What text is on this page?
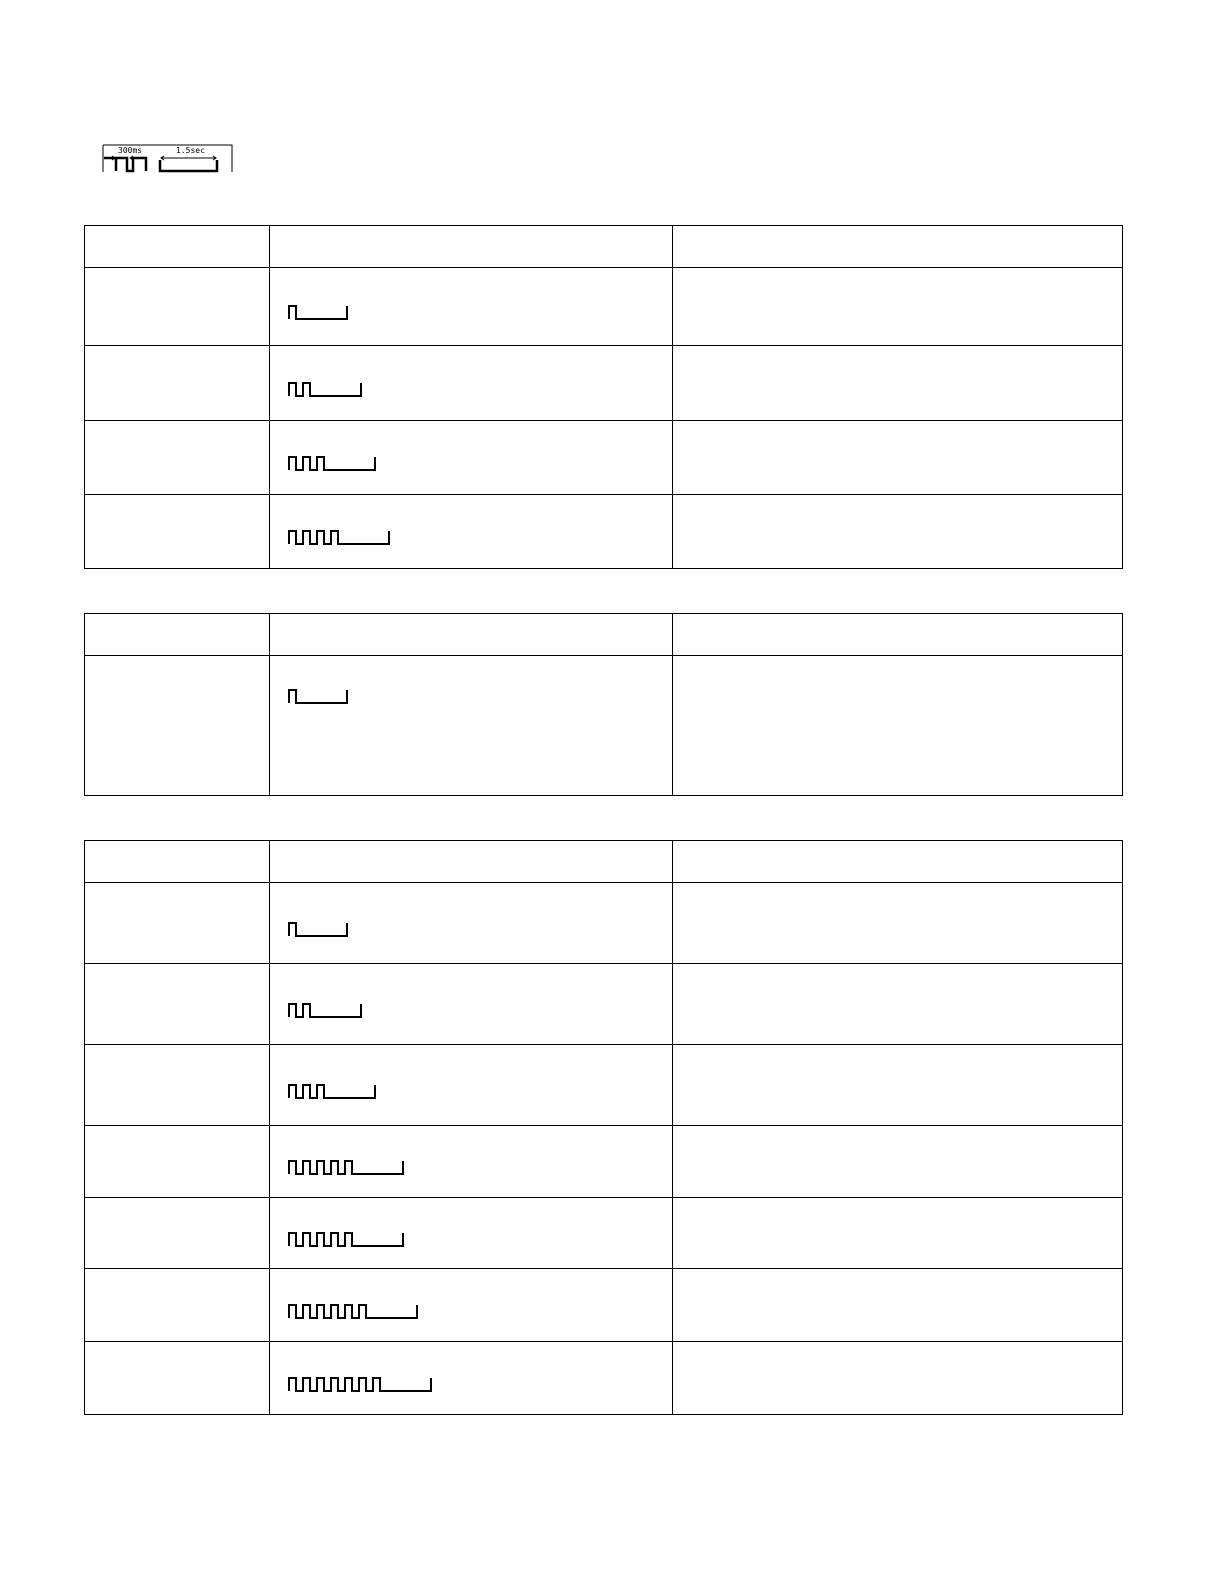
300ms	1.5sec
